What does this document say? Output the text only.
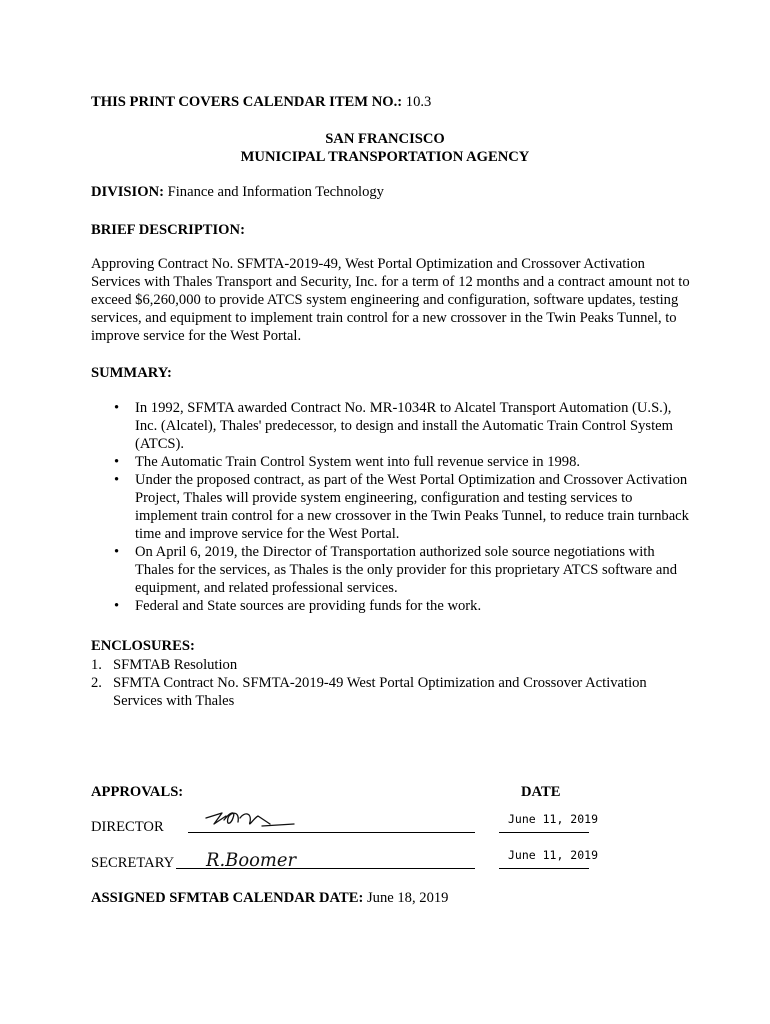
THIS PRINT COVERS CALENDAR ITEM NO.: 10.3
SAN FRANCISCO
MUNICIPAL TRANSPORTATION AGENCY
DIVISION: Finance and Information Technology
BRIEF DESCRIPTION:
Approving Contract No. SFMTA-2019-49, West Portal Optimization and Crossover Activation Services with Thales Transport and Security, Inc. for a term of 12 months and a contract amount not to exceed $6,260,000 to provide ATCS system engineering and configuration, software updates, testing services, and equipment to implement train control for a new crossover in the Twin Peaks Tunnel, to improve service for the West Portal.
SUMMARY:
• In 1992, SFMTA awarded Contract No. MR-1034R to Alcatel Transport Automation (U.S.), Inc. (Alcatel), Thales' predecessor, to design and install the Automatic Train Control System (ATCS).
• The Automatic Train Control System went into full revenue service in 1998.
• Under the proposed contract, as part of the West Portal Optimization and Crossover Activation Project, Thales will provide system engineering, configuration and testing services to implement train control for a new crossover in the Twin Peaks Tunnel, to reduce train turnback time and improve service for the West Portal.
• On April 6, 2019, the Director of Transportation authorized sole source negotiations with Thales for the services, as Thales is the only provider for this proprietary ATCS software and equipment, and related professional services.
• Federal and State sources are providing funds for the work.
ENCLOSURES:
1. SFMTAB Resolution
2. SFMTA Contract No. SFMTA-2019-49 West Portal Optimization and Crossover Activation Services with Thales
APPROVALS:	DATE
DIRECTOR	June 11, 2019
SECRETARY R.Boomer	June 11, 2019
ASSIGNED SFMTAB CALENDAR DATE: June 18, 2019
